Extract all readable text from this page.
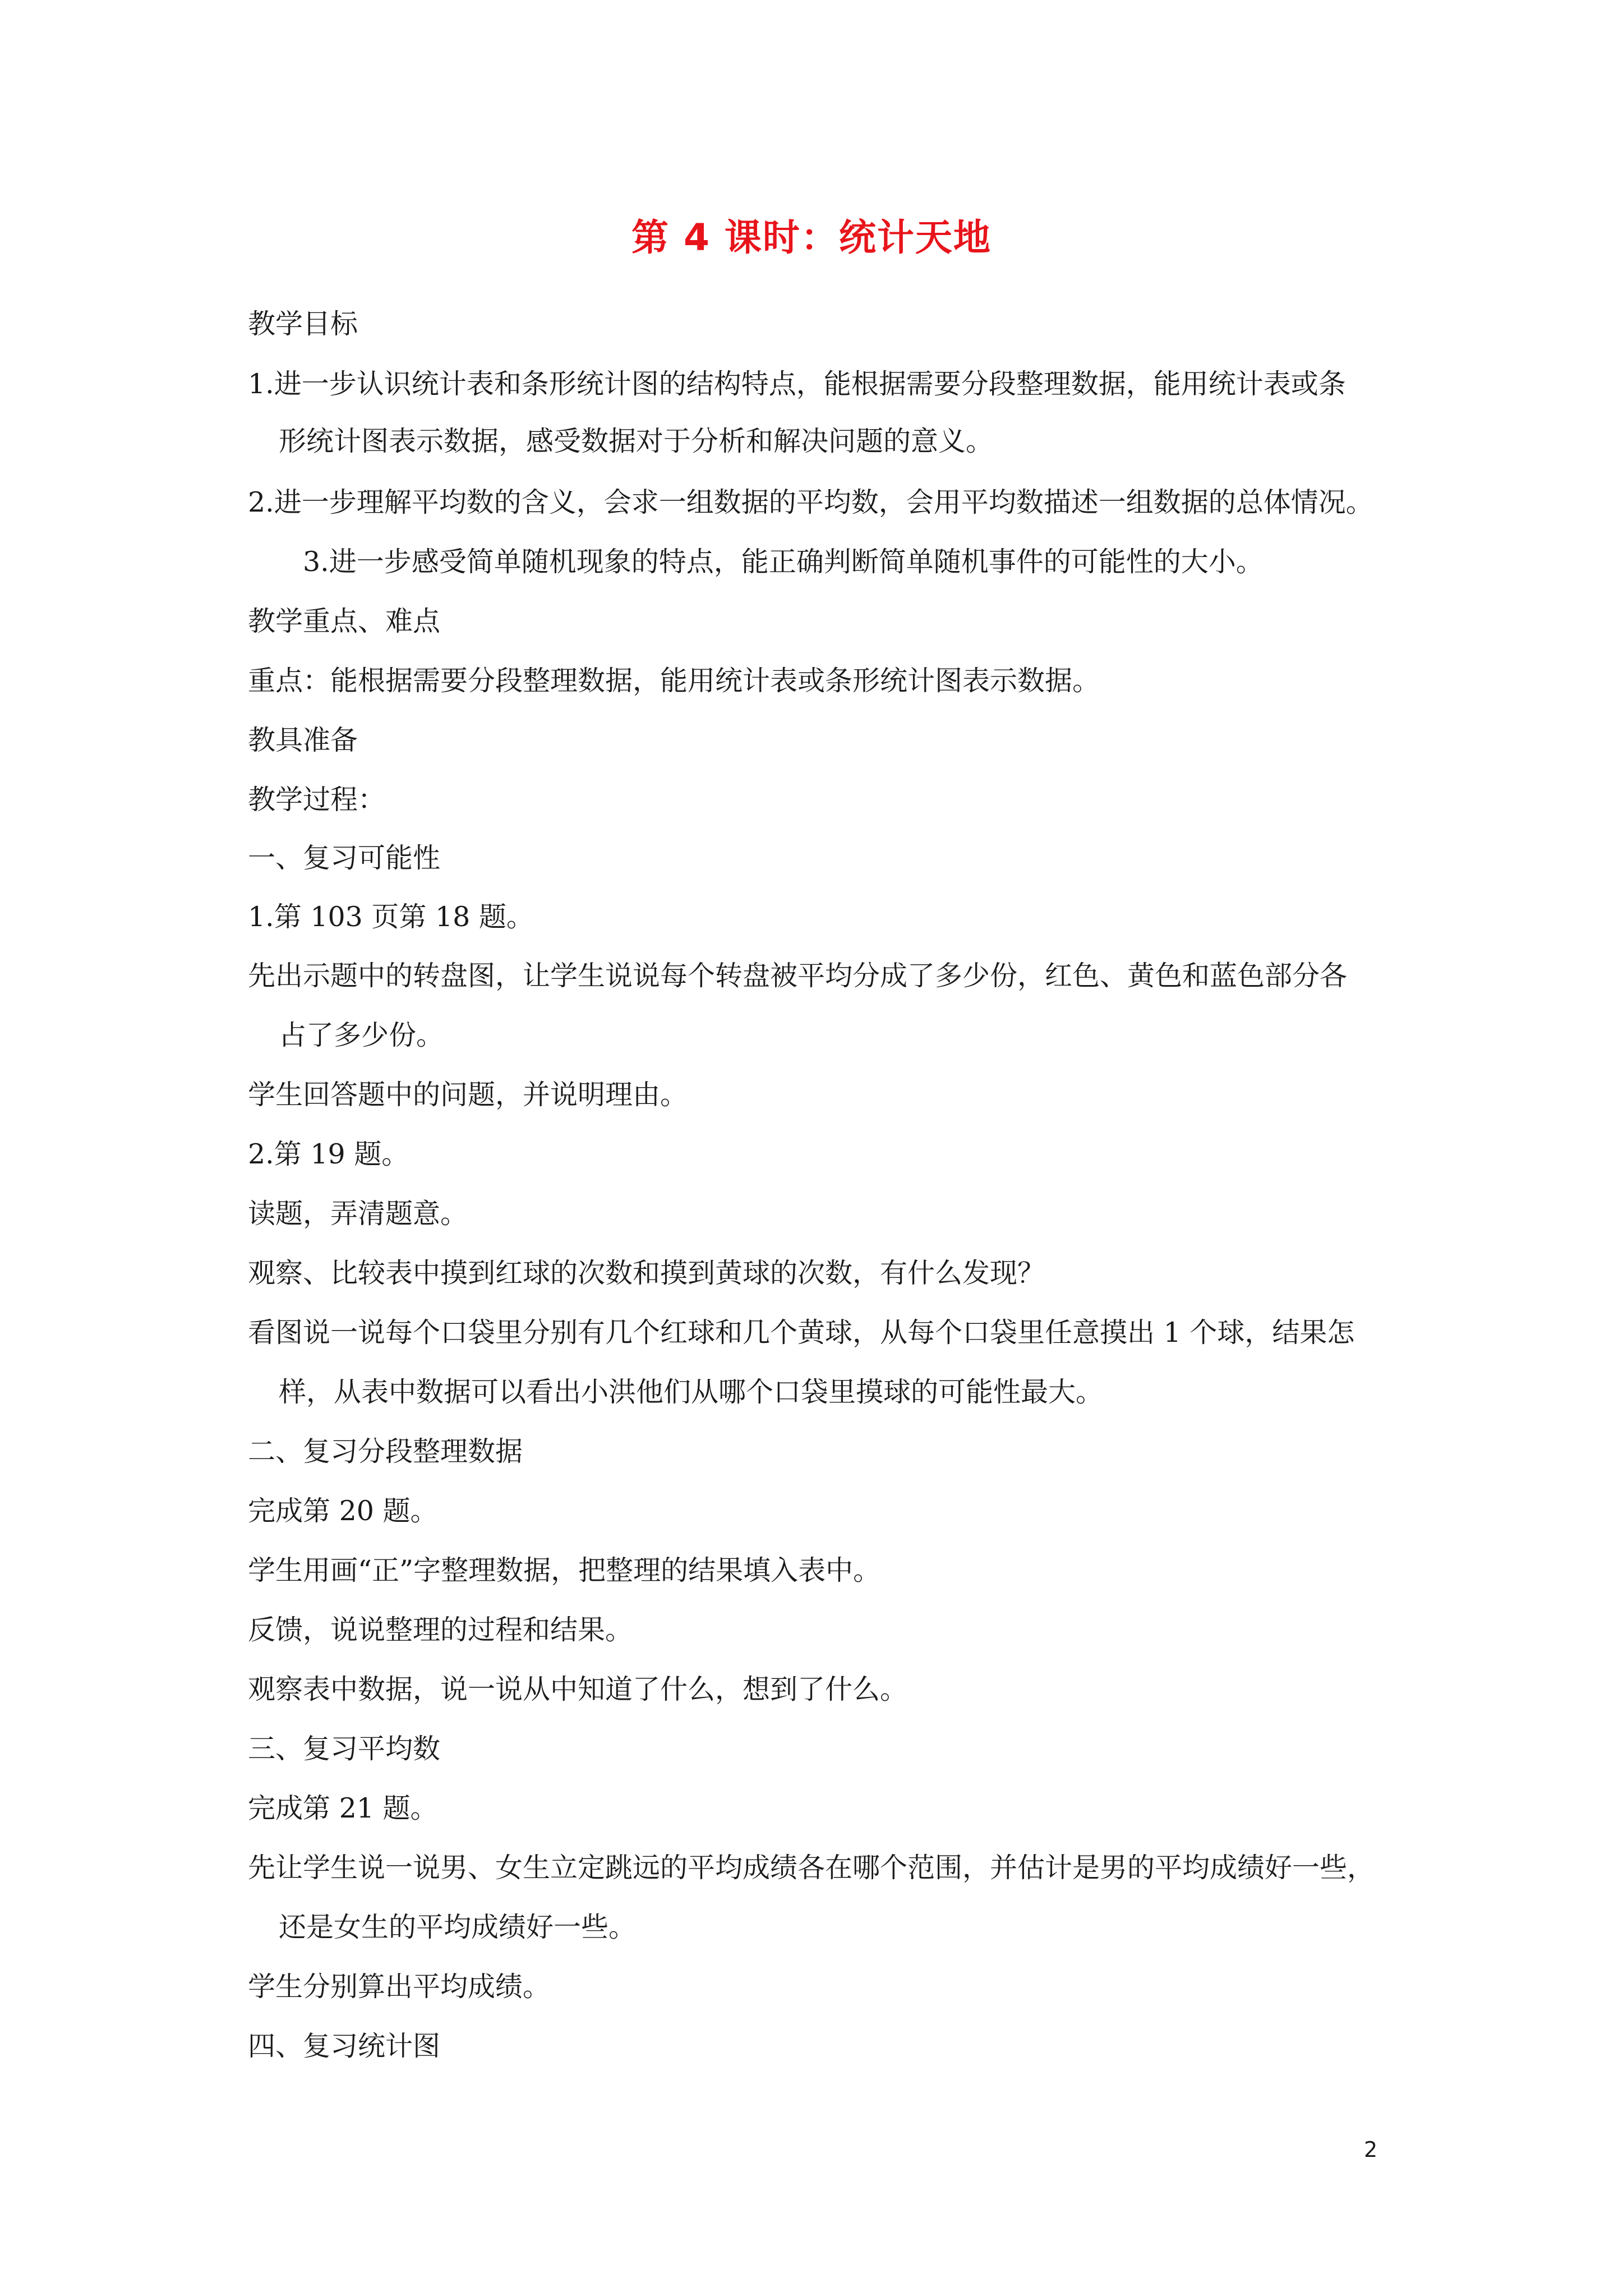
第 4 课时：统计天地
教学目标
1.进一步认识统计表和条形统计图的结构特点，能根据需要分段整理数据，能用统计表或条
形统计图表示数据，感受数据对于分析和解决问题的意义。
2.进一步理解平均数的含义，会求一组数据的平均数，会用平均数描述一组数据的总体情况。
3.进一步感受简单随机现象的特点，能正确判断简单随机事件的可能性的大小。
教学重点、难点
重点：能根据需要分段整理数据，能用统计表或条形统计图表示数据。
教具准备
教学过程：
一、复习可能性
1.第 103 页第 18 题。
先出示题中的转盘图，让学生说说每个转盘被平均分成了多少份，红色、黄色和蓝色部分各
占了多少份。
学生回答题中的问题，并说明理由。
2.第 19 题。
读题，弄清题意。
观察、比较表中摸到红球的次数和摸到黄球的次数，有什么发现？
看图说一说每个口袋里分别有几个红球和几个黄球，从每个口袋里任意摸出 1 个球，结果怎
样，从表中数据可以看出小洪他们从哪个口袋里摸球的可能性最大。
二、复习分段整理数据
完成第 20 题。
学生用画“正”字整理数据，把整理的结果填入表中。
反馈，说说整理的过程和结果。
观察表中数据，说一说从中知道了什么，想到了什么。
三、复习平均数
完成第 21 题。
先让学生说一说男、女生立定跳远的平均成绩各在哪个范围，并估计是男的平均成绩好一些，
还是女生的平均成绩好一些。
学生分别算出平均成绩。
四、复习统计图
2
